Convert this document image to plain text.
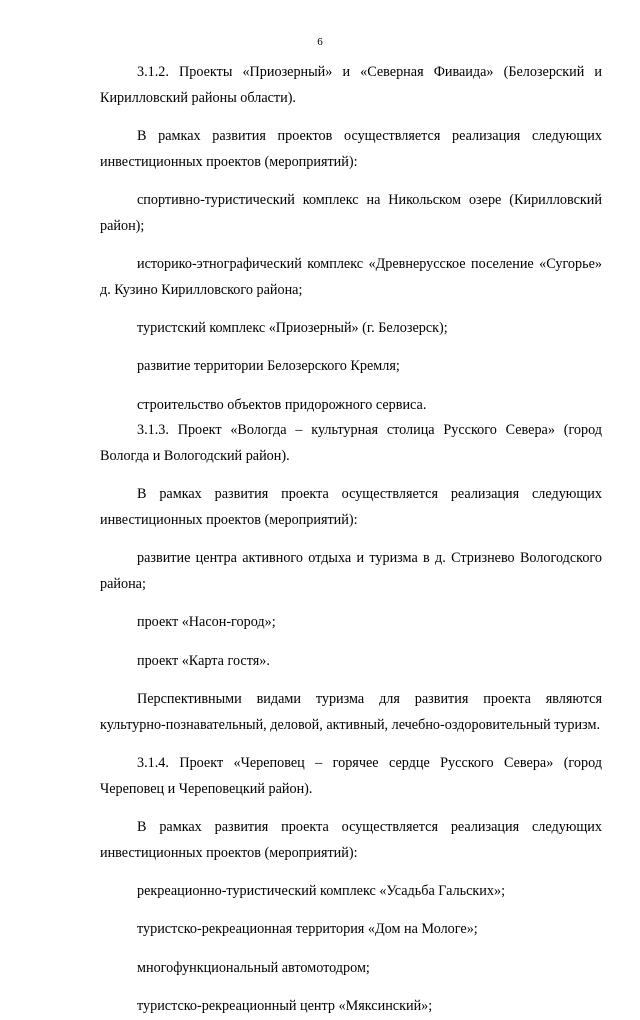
6

3.1.2. Проекты «Приозерный» и «Северная Фиваида» (Белозерский и Кирилловский районы области).

В рамках развития проектов осуществляется реализация следующих инвестиционных проектов (мероприятий):

спортивно-туристический комплекс на Никольском озере (Кирилловский район);

историко-этнографический комплекс «Древнерусское поселение «Сугорье» д. Кузино Кирилловского района;

туристский комплекс «Приозерный» (г. Белозерск);

развитие территории Белозерского Кремля;

строительство объектов придорожного сервиса.

3.1.3. Проект «Вологда – культурная столица Русского Севера» (город Вологда и Вологодский район).

В рамках развития проекта осуществляется реализация следующих инвестиционных проектов (мероприятий):

развитие центра активного отдыха и туризма в д. Стризнево Вологодского района;

проект «Насон-город»;

проект «Карта гостя».

Перспективными видами туризма для развития проекта являются культурно-познавательный, деловой, активный, лечебно-оздоровительный туризм.

3.1.4. Проект «Череповец – горячее сердце Русского Севера» (город Череповец и Череповецкий район).

В рамках развития проекта осуществляется реализация следующих инвестиционных проектов (мероприятий):

рекреационно-туристический комплекс «Усадьба Гальских»;

туристско-рекреационная территория «Дом на Мологе»;

многофункциональный автомотодром;

туристско-рекреационный центр «Мяксинский»;
